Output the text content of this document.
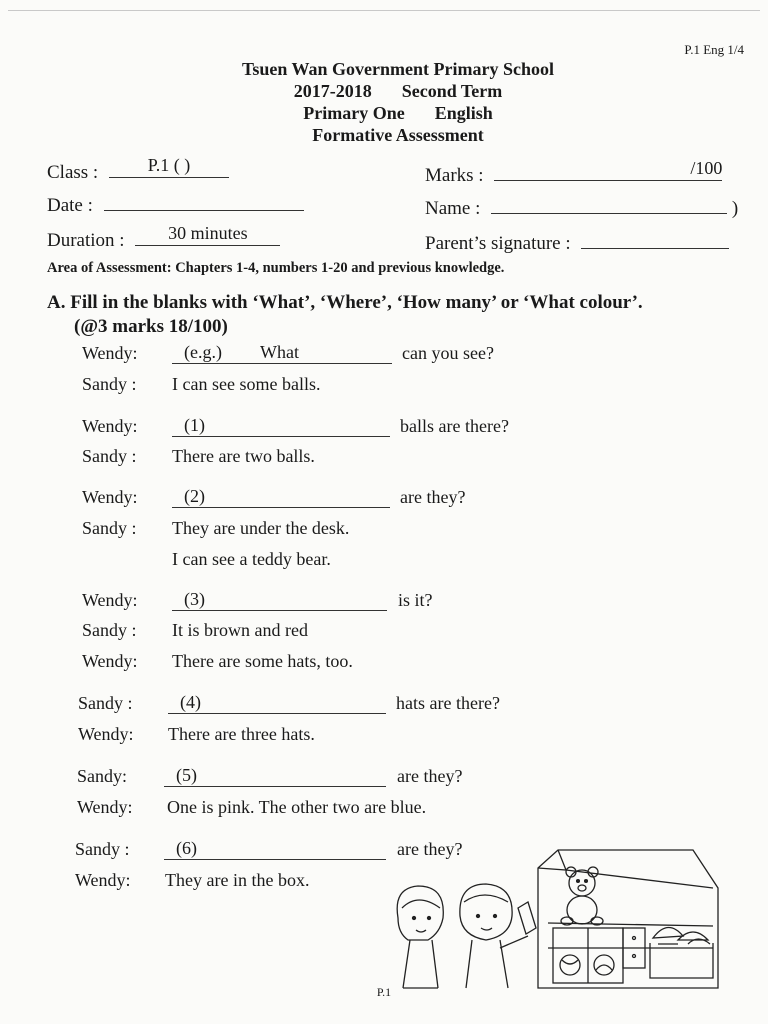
P.1 Eng 1/4
Tsuen Wan Government Primary School
2017-2018 Second Term
Primary One English
Formative Assessment
Class :	P.1 ( )	Marks :	/100
Date :	Name :	)
Duration :	30 minutes	Parent’s signature :
Area of Assessment: Chapters 1-4, numbers 1-20 and previous knowledge.
A. Fill in the blanks with ‘What’, ‘Where’, ‘How many’ or ‘What colour’.
(@3 marks 18/100)
Wendy:	(e.g.) What	can you see?
Sandy : I can see some balls.
Wendy:	(1)	balls are there?
Sandy : There are two balls.
Wendy:	(2)	are they?
Sandy : They are under the desk.
I can see a teddy bear.
Wendy:	(3)	is it?
Sandy : It is brown and red
Wendy: There are some hats, too.
Sandy :	(4)	hats are there?
Wendy: There are three hats.
Sandy:	(5)	are they?
Wendy: One is pink. The other two are blue.
Sandy :	(6)	are they?
Wendy: They are in the box.
P.1
